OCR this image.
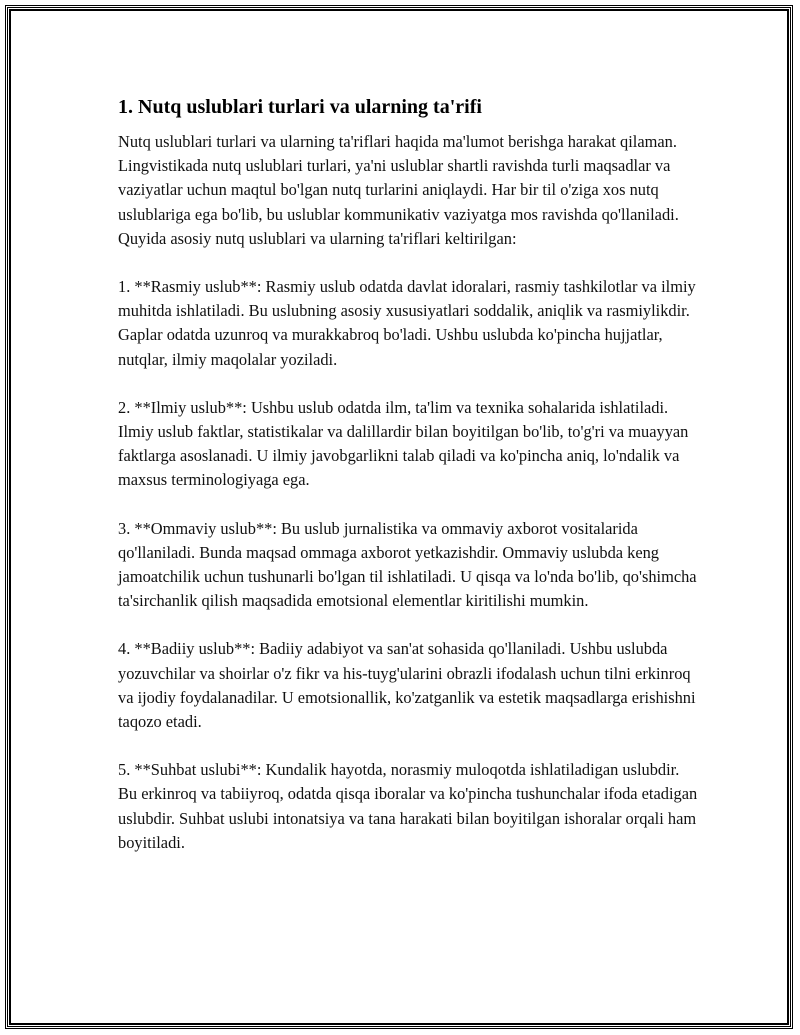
1. Nutq uslublari turlari va ularning ta'rifi

Nutq uslublari turlari va ularning ta'riflari haqida ma'lumot berishga harakat qilaman. Lingvistikada nutq uslublari turlari, ya'ni uslublar shartli ravishda turli maqsadlar va vaziyatlar uchun maqtul bo'lgan nutq turlarini aniqlaydi. Har bir til o'ziga xos nutq uslublariga ega bo'lib, bu uslublar kommunikativ vaziyatga mos ravishda qo'llaniladi. Quyida asosiy nutq uslublari va ularning ta'riflari keltirilgan:

1. **Rasmiy uslub**: Rasmiy uslub odatda davlat idoralari, rasmiy tashkilotlar va ilmiy muhitda ishlatiladi. Bu uslubning asosiy xususiyatlari soddalik, aniqlik va rasmiylikdir. Gaplar odatda uzunroq va murakkabroq bo'ladi. Ushbu uslubda ko'pincha hujjatlar, nutqlar, ilmiy maqolalar yoziladi.

2. **Ilmiy uslub**: Ushbu uslub odatda ilm, ta'lim va texnika sohalarida ishlatiladi. Ilmiy uslub faktlar, statistikalar va dalillardir bilan boyitilgan bo'lib, to'g'ri va muayyan faktlarga asoslanadi. U ilmiy javobgarlikni talab qiladi va ko'pincha aniq, lo'ndalik va maxsus terminologiyaga ega.

3. **Ommaviy uslub**: Bu uslub jurnalistika va ommaviy axborot vositalarida qo'llaniladi. Bunda maqsad ommaga axborot yetkazishdir. Ommaviy uslubda keng jamoatchilik uchun tushunarli bo'lgan til ishlatiladi. U qisqa va lo'nda bo'lib, qo'shimcha ta'sirchanlik qilish maqsadida emotsional elementlar kiritilishi mumkin.

4. **Badiiy uslub**: Badiiy adabiyot va san'at sohasida qo'llaniladi. Ushbu uslubda yozuvchilar va shoirlar o'z fikr va his-tuyg'ularini obrazli ifodalash uchun tilni erkinroq va ijodiy foydalanadilar. U emotsionallik, ko'zatganlik va estetik maqsadlarga erishishni taqozo etadi.

5. **Suhbat uslubi**: Kundalik hayotda, norasmiy muloqotda ishlatiladigan uslubdir. Bu erkinroq va tabiiyroq, odatda qisqa iboralar va ko'pincha tushunchalar ifoda etadigan uslubdir. Suhbat uslubi intonatsiya va tana harakati bilan boyitilgan ishoralar orqali ham boyitiladi.
